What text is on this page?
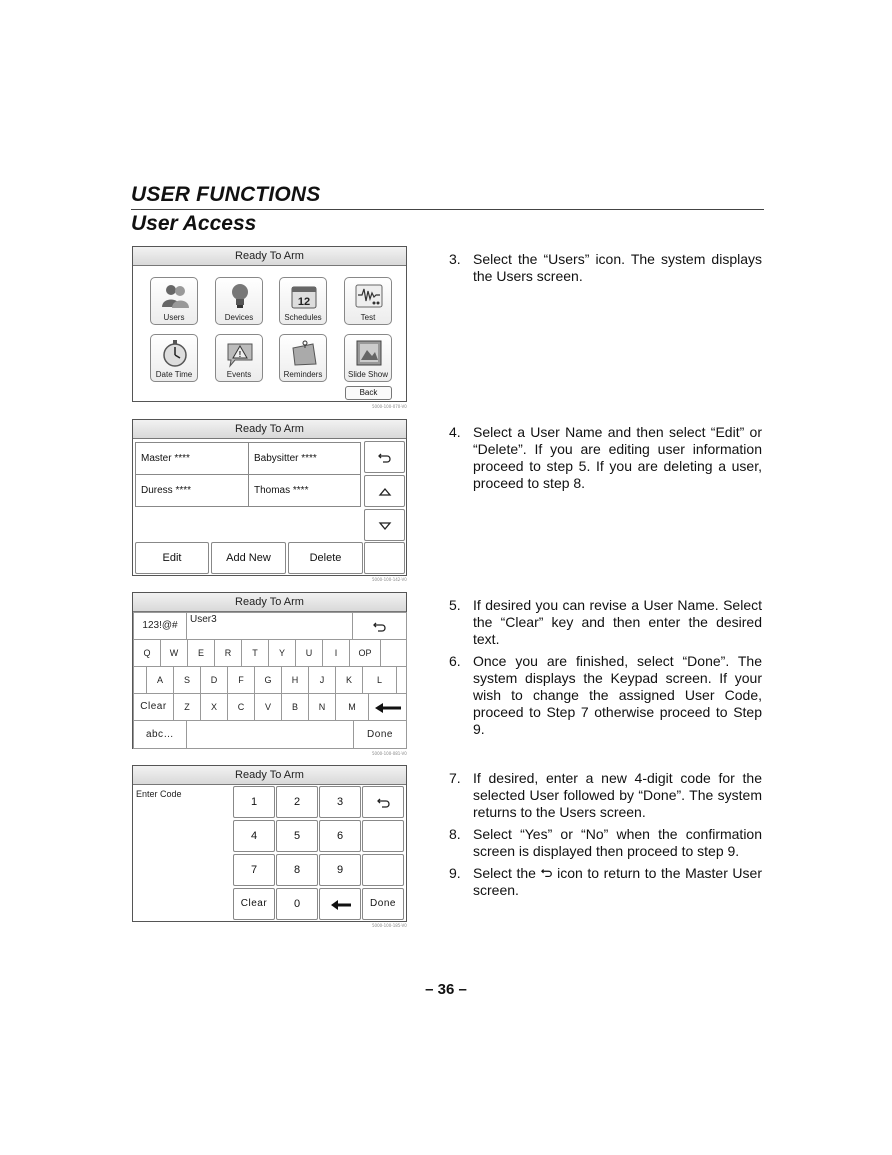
USER FUNCTIONS
User Access
Ready To Arm
Users	Devices
12
Schedules	Test
Date Time
!
Events	Reminders	Slide Show
Back
5000-100-070-V0
Ready To Arm
Master ****	Babysitter ****
Duress ****	Thomas ****
Edit	Add New	Delete
5000-100-142-V0
Ready To Arm
123!@#
User3
Q	W	E	R	T	Y	U	I	OP
A	S	D	F	G	H	J	K	L
Clear	Z	X	C	V	B	N	M
abc…	Done
5000-100-081-V0
Ready To Arm
Enter Code
1	2	3
4	5	6
7	8	9
Clear	0	Done
5000-100-185-V0
3. Select the “Users” icon. The system displays the Users screen.
4. Select a User Name and then select “Edit” or “Delete”. If you are editing user information proceed to step 5. If you are deleting a user, proceed to step 8.
5. If desired you can revise a User Name. Select the “Clear” key and then enter the desired text.
6. Once you are finished, select “Done”. The system displays the Keypad screen. If your wish to change the assigned User Code, proceed to Step 7 otherwise proceed to Step 9.
7. If desired, enter a new 4-digit code for the selected User followed by “Done”. The system returns to the Users screen.
8. Select “Yes” or “No” when the confirmation screen is displayed then proceed to step 9.
9. Select the icon to return to the Master User screen.
– 36 –
